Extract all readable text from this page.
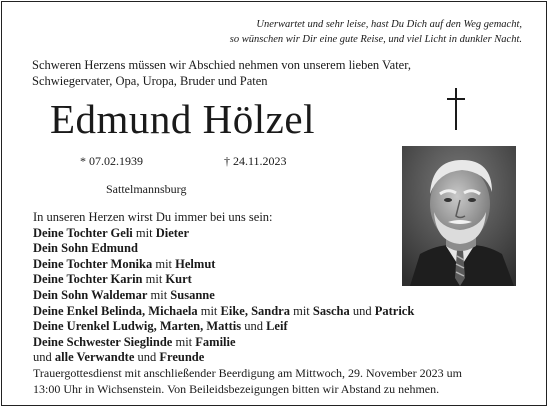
Unerwartet und sehr leise, hast Du Dich auf den Weg gemacht,
so wünschen wir Dir eine gute Reise, und viel Licht in dunkler Nacht.
Schweren Herzens müssen wir Abschied nehmen von unserem lieben Vater,
Schwiegervater, Opa, Uropa, Bruder und Paten
Edmund Hölzel
* 07.02.1939	† 24.11.2023
Sattelmannsburg
In unseren Herzen wirst Du immer bei uns sein:
Deine Tochter Geli mit Dieter
Dein Sohn Edmund
Deine Tochter Monika mit Helmut
Deine Tochter Karin mit Kurt
Dein Sohn Waldemar mit Susanne
Deine Enkel Belinda, Michaela mit Eike, Sandra mit Sascha und Patrick
Deine Urenkel Ludwig, Marten, Mattis und Leif
Deine Schwester Sieglinde mit Familie
und alle Verwandte und Freunde
Trauergottesdienst mit anschließender Beerdigung am Mittwoch, 29. November 2023 um
13:00 Uhr in Wichsenstein. Von Beileidsbezeigungen bitten wir Abstand zu nehmen.
